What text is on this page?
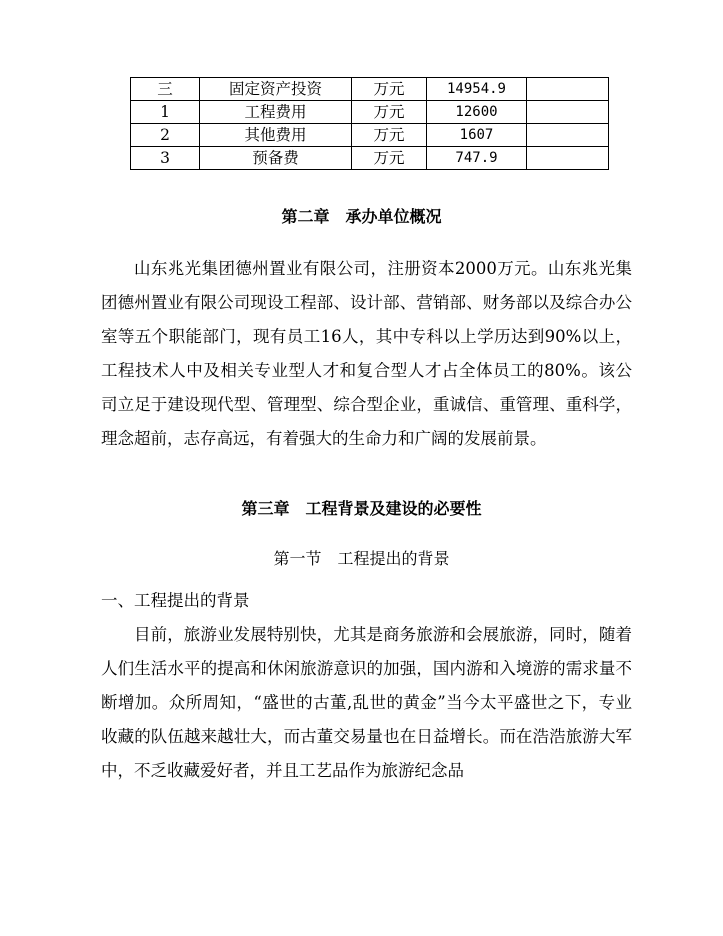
三	固定资产投资	万元	14954.9	
1	工程费用	万元	12600	
2	其他费用	万元	1607	
3	预备费	万元	747.9	
第二章　承办单位概况

山东兆光集团德州置业有限公司，注册资本2000万元。山东兆光集团德州置业有限公司现设工程部、设计部、营销部、财务部以及综合办公室等五个职能部门，现有员工16人，其中专科以上学历达到90%以上，工程技术人中及相关专业型人才和复合型人才占全体员工的80%。该公司立足于建设现代型、管理型、综合型企业，重诚信、重管理、重科学，理念超前，志存高远，有着强大的生命力和广阔的发展前景。

第三章　工程背景及建设的必要性
第一节　工程提出的背景
一、工程提出的背景

目前，旅游业发展特别快，尤其是商务旅游和会展旅游，同时，随着人们生活水平的提高和休闲旅游意识的加强，国内游和入境游的需求量不断增加。众所周知，“盛世的古董,乱世的黄金”当今太平盛世之下，专业收藏的队伍越来越壮大，而古董交易量也在日益增长。而在浩浩旅游大军中，不乏收藏爱好者，并且工艺品作为旅游纪念品
